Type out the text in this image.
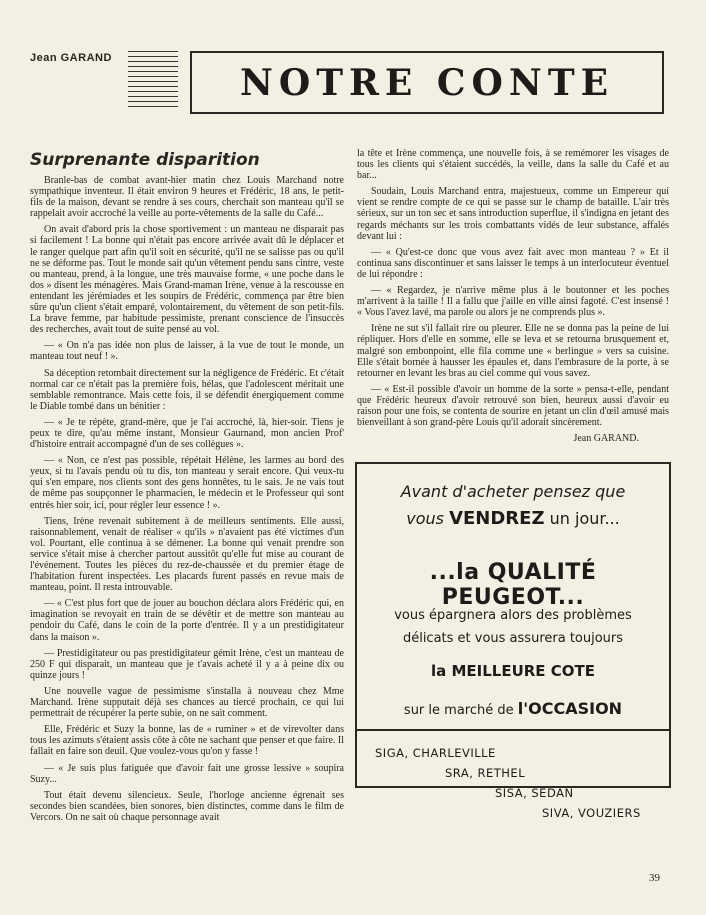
Jean GARAND
NOTRE CONTE
Surprenante disparition

Branle-bas de combat avant-hier matin chez Louis Marchand notre sympathique inventeur. Il était environ 9 heures et Frédéric, 18 ans, le petit-fils de la maison, devant se rendre à ses cours, cherchait son manteau qu'il se rappelait avoir accroché la veille au porte-vêtements de la salle du Café...

On avait d'abord pris la chose sportivement : un manteau ne disparait pas si facilement ! La bonne qui n'était pas encore arrivée avait dû le déplacer et le ranger quelque part afin qu'il soit en sécurité, qu'il ne se salisse pas ou qu'il ne se déforme pas. Tout le monde sait qu'un vêtement pendu sans cintre, veste ou manteau, prend, à la longue, une très mauvaise forme, « une poche dans le dos » disent les ménagères. Mais Grand-maman Irène, venue à la rescousse en entendant les jérémiades et les soupirs de Frédéric, commença par être bien sûre qu'un client s'était emparé, volontairement, du vêtement de son petit-fils. La brave femme, par habitude pessimiste, prenant conscience de l'insuccès des recherches, avait tout de suite pensé au vol.

— « On n'a pas idée non plus de laisser, à la vue de tout le monde, un manteau tout neuf ! ».

Sa déception retombait directement sur la négligence de Frédéric. Et c'était normal car ce n'était pas la première fois, hélas, que l'adolescent méritait une semblable remontrance. Mais cette fois, il se défendit énergiquement comme le Diable tombé dans un bénitier :

— « Je te répète, grand-mère, que je l'ai accroché, là, hier-soir. Tiens je peux te dire, qu'au même instant, Monsieur Gaurnand, mon ancien Prof' d'histoire entrait accompagné d'un de ses collègues ».

— « Non, ce n'est pas possible, répétait Hélène, les larmes au bord des yeux, si tu l'avais pendu où tu dis, ton manteau y serait encore. Qui veux-tu qui s'en empare, nos clients sont des gens honnêtes, tu le sais. Je ne vais tout de même pas soupçonner le pharmacien, le médecin et le Professeur qui sont entrés hier soir, ici, pour régler leur essence ! ».

Tiens, Irène revenait subitement à de meilleurs sentiments. Elle aussi, raisonnablement, venait de réaliser « qu'ils » n'avaient pas été victimes d'un vol. Pourtant, elle continua à se démener. La bonne qui venait prendre son service s'était mise à chercher partout aussitôt qu'elle fut mise au courant de l'événement. Toutes les pièces du rez-de-chaussée et du premier étage de l'habitation furent inspectées. Les placards furent passés en revue mais de manteau, point. Il resta introuvable.

— « C'est plus fort que de jouer au bouchon déclara alors Frédéric qui, en imagination se revoyait en train de se dévêtir et de mettre son manteau au pendoir du Café, dans le coin de la porte d'entrée. Il y a un prestidigitateur dans la maison ».

— Prestidigitateur ou pas prestidigitateur gémit Irène, c'est un manteau de 250 F qui disparait, un manteau que je t'avais acheté il y a à peine dix ou quinze jours !

Une nouvelle vague de pessimisme s'installa à nouveau chez Mme Marchand. Irène supputait déjà ses chances au tiercé prochain, ce qui lui permettrait de récupérer la perte subie, on ne sait comment.

Elle, Frédéric et Suzy la bonne, las de « ruminer » et de virevolter dans tous les azimuts s'étaient assis côte à côte ne sachant que penser et que faire. Il fallait en faire son deuil. Que voulez-vous qu'on y fasse !

— « Je suis plus fatiguée que d'avoir fait une grosse lessive » soupira Suzy...

Tout était devenu silencieux. Seule, l'horloge ancienne égrenait ses secondes bien scandées, bien sonores, bien distinctes, comme dans le film de Vercors. On ne sait où chaque personnage avait

la tête et Irène commença, une nouvelle fois, à se remémorer les visages de tous les clients qui s'étaient succédés, la veille, dans la salle du Café et au bar...

Soudain, Louis Marchand entra, majestueux, comme un Empereur qui vient se rendre compte de ce qui se passe sur le champ de bataille. L'air très sérieux, sur un ton sec et sans introduction superflue, il s'indigna en jetant des regards méchants sur les trois combattants vidés de leur substance, affalés devant lui :

— « Qu'est-ce donc que vous avez fait avec mon manteau ? » Et il continua sans discontinuer et sans laisser le temps à un interlocuteur éventuel de lui répondre :

— « Regardez, je n'arrive même plus à le boutonner et les poches m'arrivent à la taille ! Il a fallu que j'aille en ville ainsi fagoté. C'est insensé ! « Vous l'avez lavé, ma parole ou alors je ne comprends plus ».

Irène ne sut s'il fallait rire ou pleurer. Elle ne se donna pas la peine de lui répliquer. Hors d'elle en somme, elle se leva et se retourna brusquement et, malgré son embonpoint, elle fila comme une « berlingue » vers sa cuisine. Elle s'était bornée à hausser les épaules et, dans l'embrasure de la porte, à se retourner en levant les bras au ciel comme qui vous savez.

— « Est-il possible d'avoir un homme de la sorte » pensa-t-elle, pendant que Frédéric heureux d'avoir retrouvé son bien, heureux aussi d'avoir eu raison pour une fois, se contenta de sourire en jetant un clin d'œil amusé mais bienveillant à son grand-père Louis qu'il adorait sincèrement.

Jean GARAND.
Avant d'acheter pensez que
vous VENDREZ un jour...
...la QUALITÉ PEUGEOT...
vous épargnera alors des problèmes
délicats et vous assurera toujours
la MEILLEURE COTE
sur le marché de l'OCCASION
SIGA, CHARLEVILLE
SRA, RETHEL
SISA, SEDAN
SIVA, VOUZIERS
39
